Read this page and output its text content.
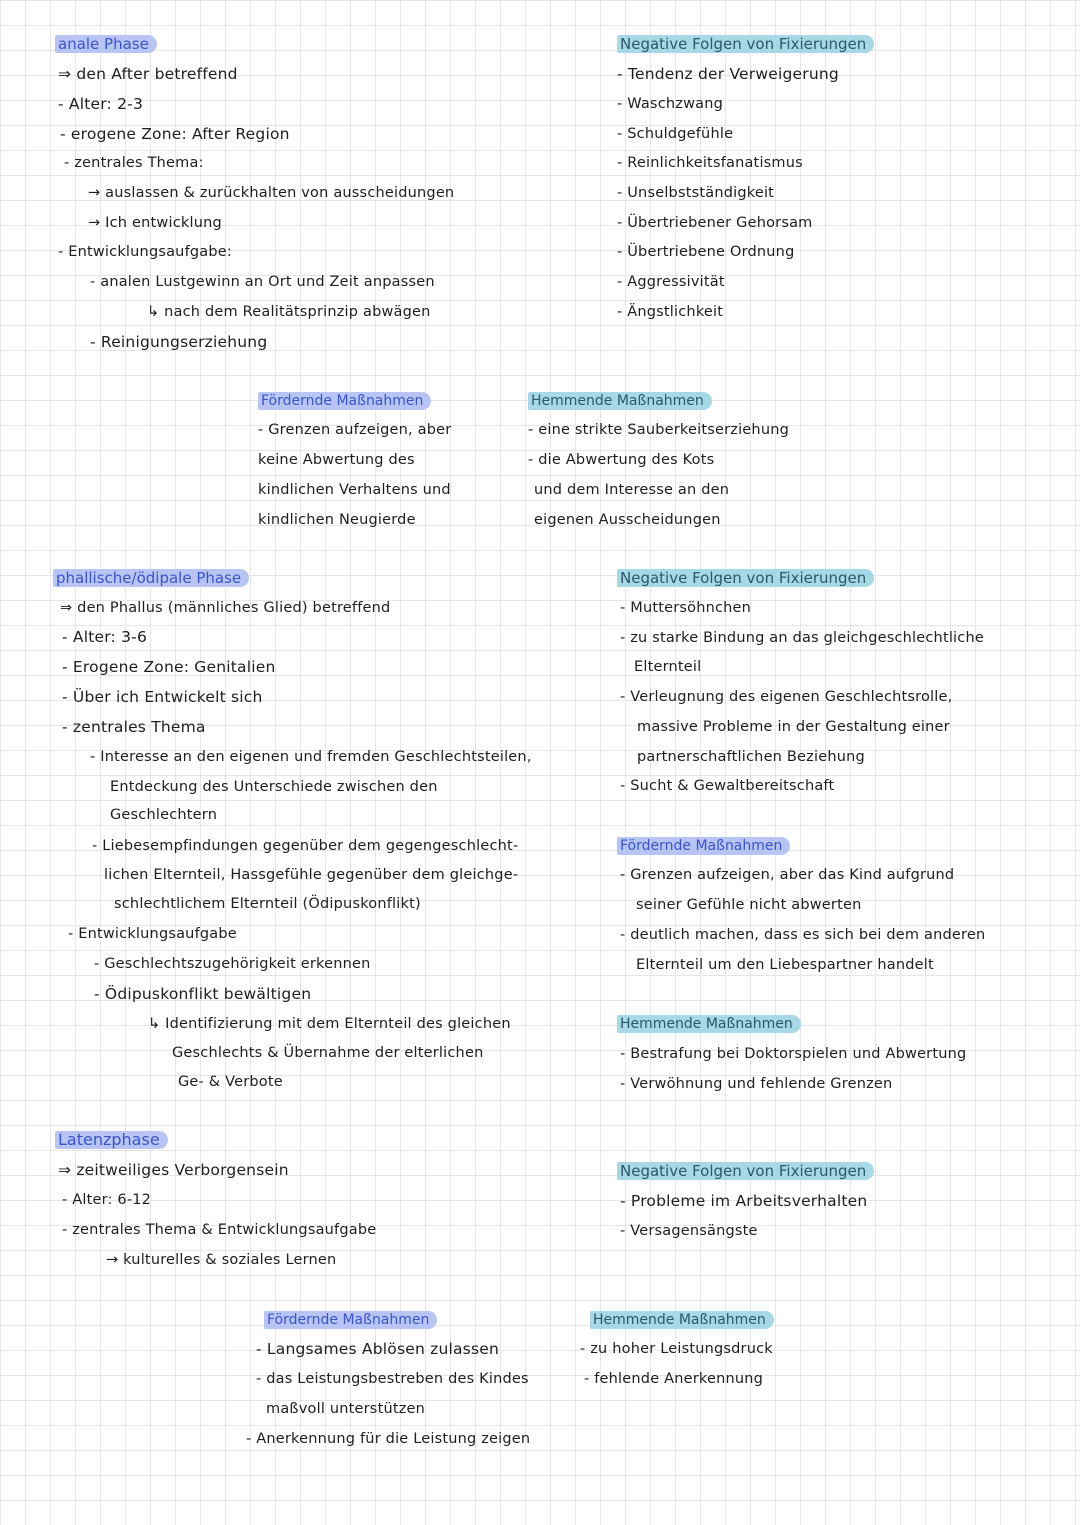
anale Phase
⇒ den After betreffend
- Alter: 2-3
- erogene Zone: After Region
- zentrales Thema:
→ auslassen & zurückhalten von ausscheidungen
→ Ich entwicklung
- Entwicklungsaufgabe:
- analen Lustgewinn an Ort und Zeit anpassen
↳ nach dem Realitätsprinzip abwägen
- Reinigungserziehung
Negative Folgen von Fixierungen
- Tendenz der Verweigerung
- Waschzwang
- Schuldgefühle
- Reinlichkeitsfanatismus
- Unselbstständigkeit
- Übertriebener Gehorsam
- Übertriebene Ordnung
- Aggressivität
- Ängstlichkeit
Fördernde Maßnahmen
- Grenzen aufzeigen, aber
keine Abwertung des
kindlichen Verhaltens und
kindlichen Neugierde
Hemmende Maßnahmen
- eine strikte Sauberkeitserziehung
- die Abwertung des Kots
und dem Interesse an den
eigenen Ausscheidungen
phallische/ödipale Phase
⇒ den Phallus (männliches Glied) betreffend
- Alter: 3-6
- Erogene Zone: Genitalien
- Über ich Entwickelt sich
- zentrales Thema
- Interesse an den eigenen und fremden Geschlechtsteilen,
Entdeckung des Unterschiede zwischen den
Geschlechtern
- Liebesempfindungen gegenüber dem gegengeschlecht-
lichen Elternteil, Hassgefühle gegenüber dem gleichge-
schlechtlichem Elternteil (Ödipuskonflikt)
- Entwicklungsaufgabe
- Geschlechtszugehörigkeit erkennen
- Ödipuskonflikt bewältigen
↳ Identifizierung mit dem Elternteil des gleichen
Geschlechts & Übernahme der elterlichen
Ge- & Verbote
Negative Folgen von Fixierungen
- Muttersöhnchen
- zu starke Bindung an das gleichgeschlechtliche
Elternteil
- Verleugnung des eigenen Geschlechtsrolle,
massive Probleme in der Gestaltung einer
partnerschaftlichen Beziehung
- Sucht & Gewaltbereitschaft
Fördernde Maßnahmen
- Grenzen aufzeigen, aber das Kind aufgrund
seiner Gefühle nicht abwerten
- deutlich machen, dass es sich bei dem anderen
Elternteil um den Liebespartner handelt
Hemmende Maßnahmen
- Bestrafung bei Doktorspielen und Abwertung
- Verwöhnung und fehlende Grenzen
Latenzphase
⇒ zeitweiliges Verborgensein
- Alter: 6-12
- zentrales Thema & Entwicklungsaufgabe
→ kulturelles & soziales Lernen
Negative Folgen von Fixierungen
- Probleme im Arbeitsverhalten
- Versagensängste
Fördernde Maßnahmen
- Langsames Ablösen zulassen
- das Leistungsbestreben des Kindes
maßvoll unterstützen
- Anerkennung für die Leistung zeigen
Hemmende Maßnahmen
- zu hoher Leistungsdruck
- fehlende Anerkennung
